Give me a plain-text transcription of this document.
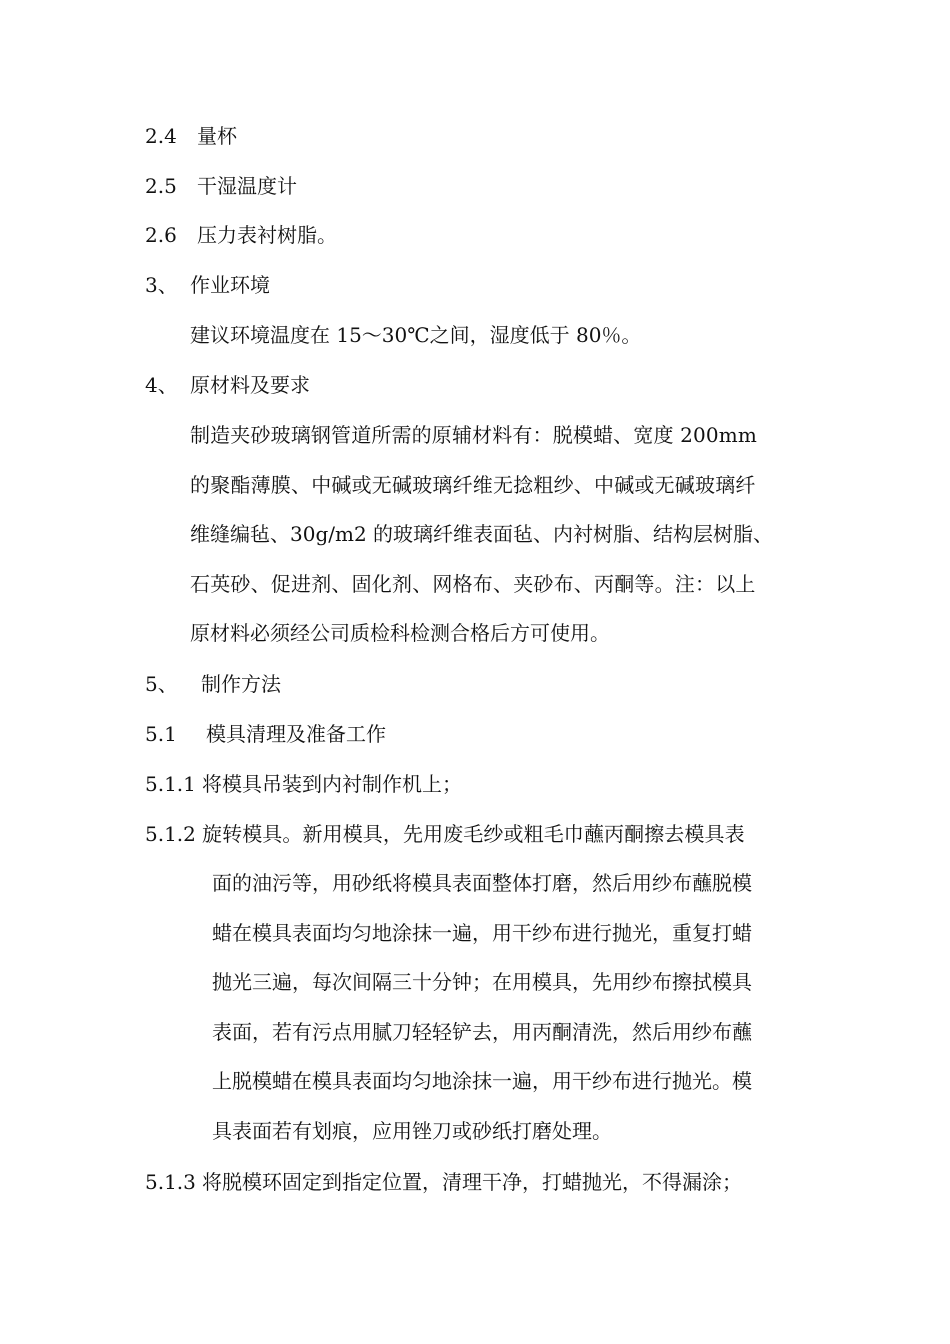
2.4 量杯
2.5 干湿温度计
2.6 压力表衬树脂。
3、 作业环境
建议环境温度在 15～30℃之间，湿度低于 80％。
4、 原材料及要求
制造夹砂玻璃钢管道所需的原辅材料有：脱模蜡、宽度 200mm
的聚酯薄膜、中碱或无碱玻璃纤维无捻粗纱、中碱或无碱玻璃纤
维缝编毡、30g/m2 的玻璃纤维表面毡、内衬树脂、结构层树脂、
石英砂、促进剂、固化剂、网格布、夹砂布、丙酮等。注：以上
原材料必须经公司质检科检测合格后方可使用。
5、 制作方法
5.1 模具清理及准备工作
5.1.1 将模具吊装到内衬制作机上；
5.1.2 旋转模具。新用模具，先用废毛纱或粗毛巾蘸丙酮擦去模具表
面的油污等，用砂纸将模具表面整体打磨，然后用纱布蘸脱模
蜡在模具表面均匀地涂抹一遍，用干纱布进行抛光，重复打蜡
抛光三遍，每次间隔三十分钟；在用模具，先用纱布擦拭模具
表面，若有污点用腻刀轻轻铲去，用丙酮清洗，然后用纱布蘸
上脱模蜡在模具表面均匀地涂抹一遍，用干纱布进行抛光。模
具表面若有划痕，应用锉刀或砂纸打磨处理。
5.1.3 将脱模环固定到指定位置，清理干净，打蜡抛光，不得漏涂；
